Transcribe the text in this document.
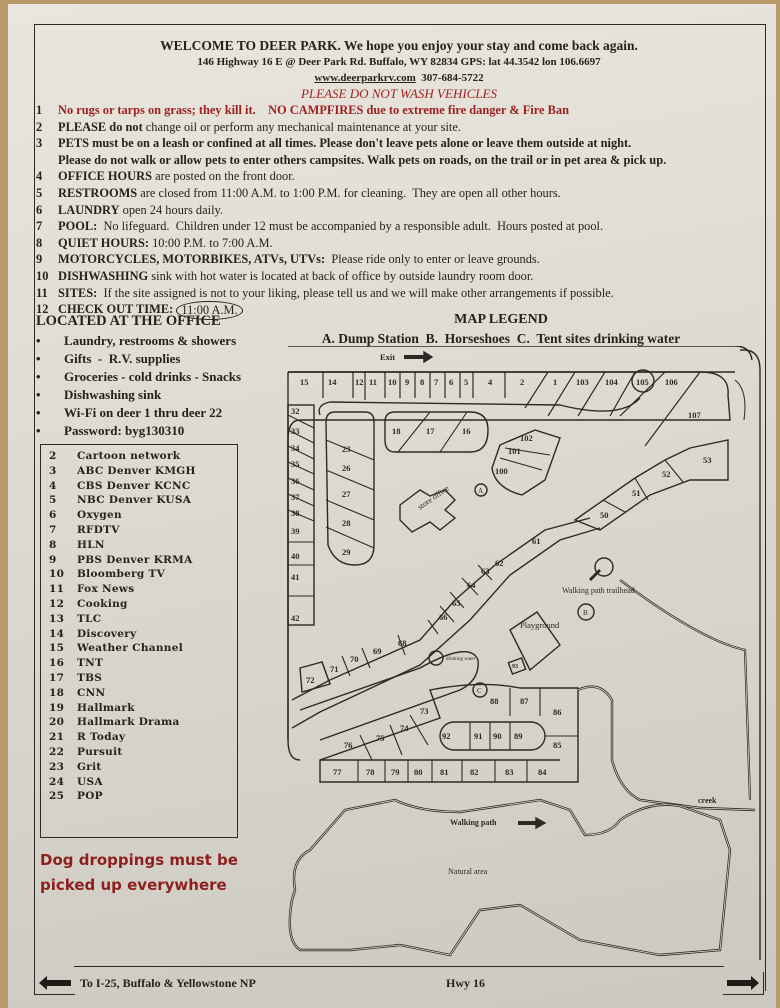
WELCOME TO DEER PARK. We hope you enjoy your stay and come back again.
146 Highway 16 E @ Deer Park Rd. Buffalo, WY 82834 GPS: lat 44.3542 lon 106.6697
www.deerparkrv.com 307-684-5722
PLEASE DO NOT WASH VEHICLES
1	No rugs or tarps on grass; they kill it.    NO CAMPFIRES due to extreme fire danger & Fire Ban
2	PLEASE do not change oil or perform any mechanical maintenance at your site.
3	PETS must be on a leash or confined at all times. Please don't leave pets alone or leave them outside at night.
Please do not walk or allow pets to enter others campsites. Walk pets on roads, on the trail or in pet area & pick up.
4	OFFICE HOURS are posted on the front door.
5	RESTROOMS are closed from 11:00 A.M. to 1:00 P.M. for cleaning.  They are open all other hours.
6	LAUNDRY open 24 hours daily.
7	POOL: No lifeguard.  Children under 12 must be accompanied by a responsible adult.  Hours posted at pool.
8	QUIET HOURS: 10:00 P.M. to 7:00 A.M.
9	MOTORCYCLES, MOTORBIKES, ATVs, UTVs: Please ride only to enter or leave grounds.
10 DISHWASHING sink with hot water is located at back of office by outside laundry room door.
11 SITES: If the site assigned is not to your liking, please tell us and we will make other arrangements if possible.
12 CHECK OUT TIME:
11:00 A.M.
LOCATED AT THE OFFICE
•	Laundry, restrooms & showers
•	Gifts  -  R.V. supplies
•	Groceries - cold drinks - Snacks
•	Dishwashing sink
•	Wi-Fi on deer 1 thru deer 22
•	Password: byg130310
2	Cartoon network
3	ABC Denver KMGH
4	CBS Denver KCNC
5	NBC Denver KUSA
6	Oxygen
7	RFDTV
8	HLN
9	PBS Denver KRMA
10	Bloomberg TV
11	Fox News
12	Cooking
13	TLC
14	Discovery
15	Weather Channel
16	TNT
17	TBS
18	CNN
19	Hallmark
20	Hallmark Drama
21	R Today
22	Pursuit
23	Grit
24	USA
25	POP
Dog droppings must be
picked up everywhere
MAP LEGEND
A. Dump Station  B.  Horseshoes  C.  Tent sites drinking water
store office
Exit
15 14 12 11 10 9 8 7 6 5 4	2	1 103 104 105 106
32
33
34
35
36
37
38
39
40
41
42
23
26
27
28
29
18	17	16
107
102
101
100
53
52
51
50
61
62
63
64
65
66
68
69
70
71
72
73
74
75
76
92	91 90 89
88	87
86
85
84
77	78 79 80 81	82	83
93
A
B
C
Walking path trailhead
Playground
drinking water
Walking path
Natural area
creek
To I-25, Buffalo & Yellowstone NP	Hwy 16
